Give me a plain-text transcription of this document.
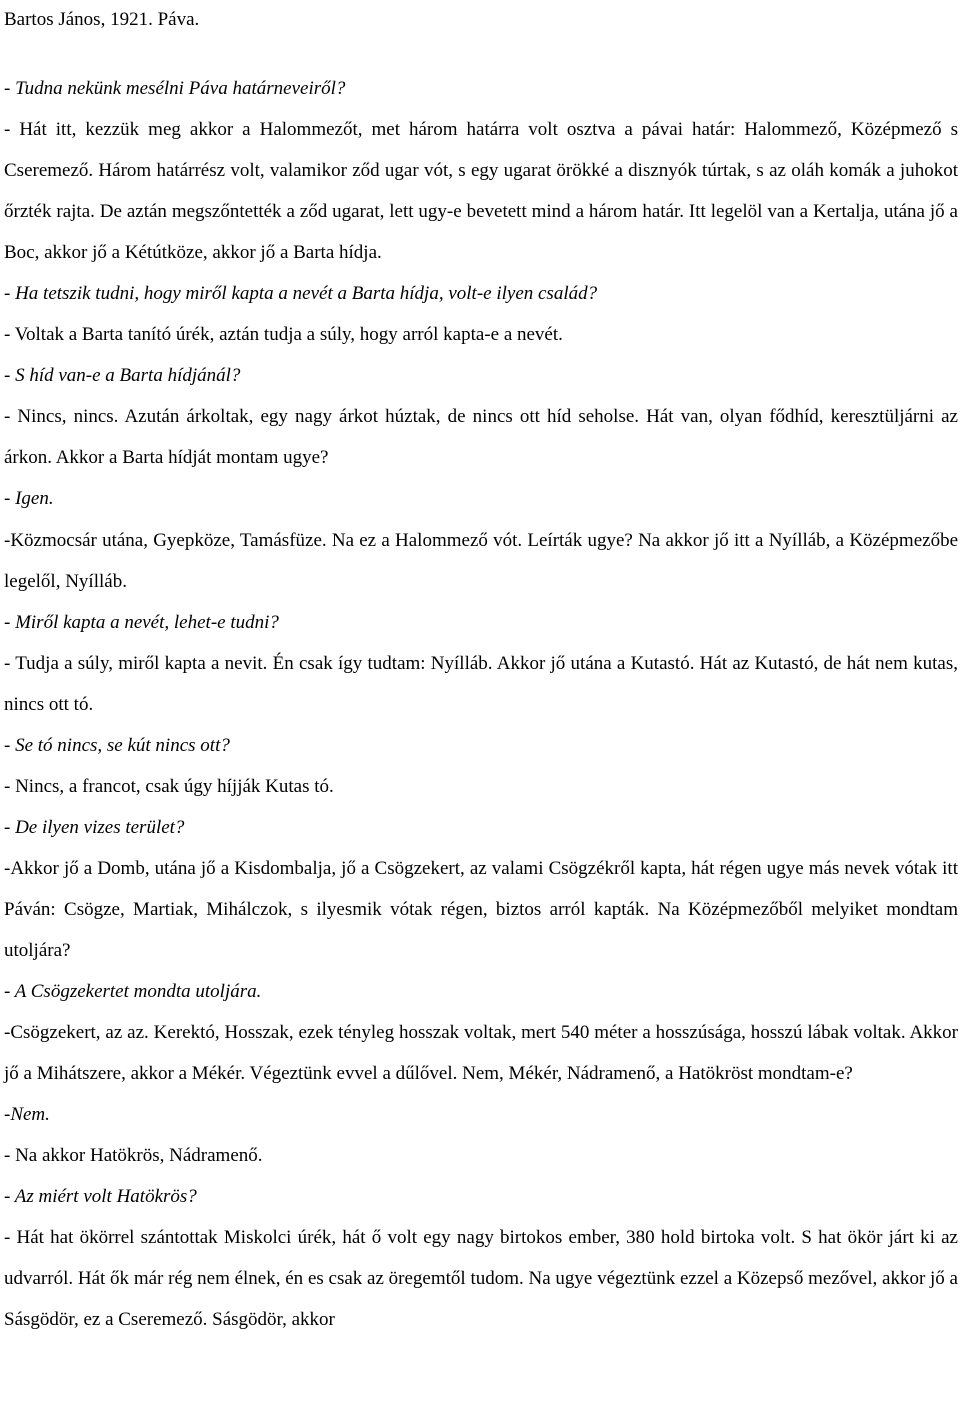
Bartos János, 1921. Páva.

- Tudna nekünk mesélni Páva határneveiről?

- Hát itt, kezzük meg akkor a Halommezőt, met három határra volt osztva a pávai határ: Halommező, Középmező s Cseremező. Három határrész volt, valamikor ződ ugar vót, s egy ugarat örökké a disznyók túrtak, s az oláh komák a juhokot őrzték rajta. De aztán megszőntették a ződ ugarat, lett ugy-e bevetett mind a három határ. Itt legelöl van a Kertalja, utána jő a Boc, akkor jő a Kétútköze, akkor jő a Barta hídja.

- Ha tetszik tudni, hogy miről kapta a nevét a Barta hídja, volt-e ilyen család?

- Voltak a Barta tanító úrék, aztán tudja a súly, hogy arról kapta-e a nevét.

- S híd van-e a Barta hídjánál?

- Nincs, nincs. Azután árkoltak, egy nagy árkot húztak, de nincs ott híd seholse. Hát van, olyan fődhíd, keresztüljárni az árkon. Akkor a Barta hídját montam ugye?

- Igen.

-Közmocsár utána, Gyepköze, Tamásfüze. Na ez a Halommező vót. Leírták ugye? Na akkor jő itt a Nyílláb, a Középmezőbe legelől, Nyílláb.

- Miről kapta a nevét, lehet-e tudni?

- Tudja a súly, miről kapta a nevit. Én csak így tudtam: Nyílláb. Akkor jő utána a Kutastó. Hát az Kutastó, de hát nem kutas, nincs ott tó.

- Se tó nincs, se kút nincs ott?

- Nincs, a francot, csak úgy híjják Kutas tó.

- De ilyen vizes terület?

-Akkor jő a Domb, utána jő a Kisdombalja, jő a Csögzekert, az valami Csögzékről kapta, hát régen ugye más nevek vótak itt Páván: Csögze, Martiak, Mihálczok, s ilyesmik vótak régen, biztos arról kapták. Na Középmezőből melyiket mondtam utoljára?

- A Csögzekertet mondta utoljára.

-Csögzekert, az az. Kerektó, Hosszak, ezek tényleg hosszak voltak, mert 540 méter a hosszúsága, hosszú lábak voltak. Akkor jő a Mihátszere, akkor a Mékér. Végeztünk evvel a dűlővel. Nem, Mékér, Nádramenő, a Hatökröst mondtam-e?

-Nem.

- Na akkor Hatökrös, Nádramenő.

- Az miért volt Hatökrös?

- Hát hat ökörrel szántottak Miskolci úrék, hát ő volt egy nagy birtokos ember, 380 hold birtoka volt. S hat ökör járt ki az udvarról. Hát ők már rég nem élnek, én es csak az öregemtől tudom. Na ugye végeztünk ezzel a Közepső mezővel, akkor jő a Sásgödör, ez a Cseremező. Sásgödör, akkor
